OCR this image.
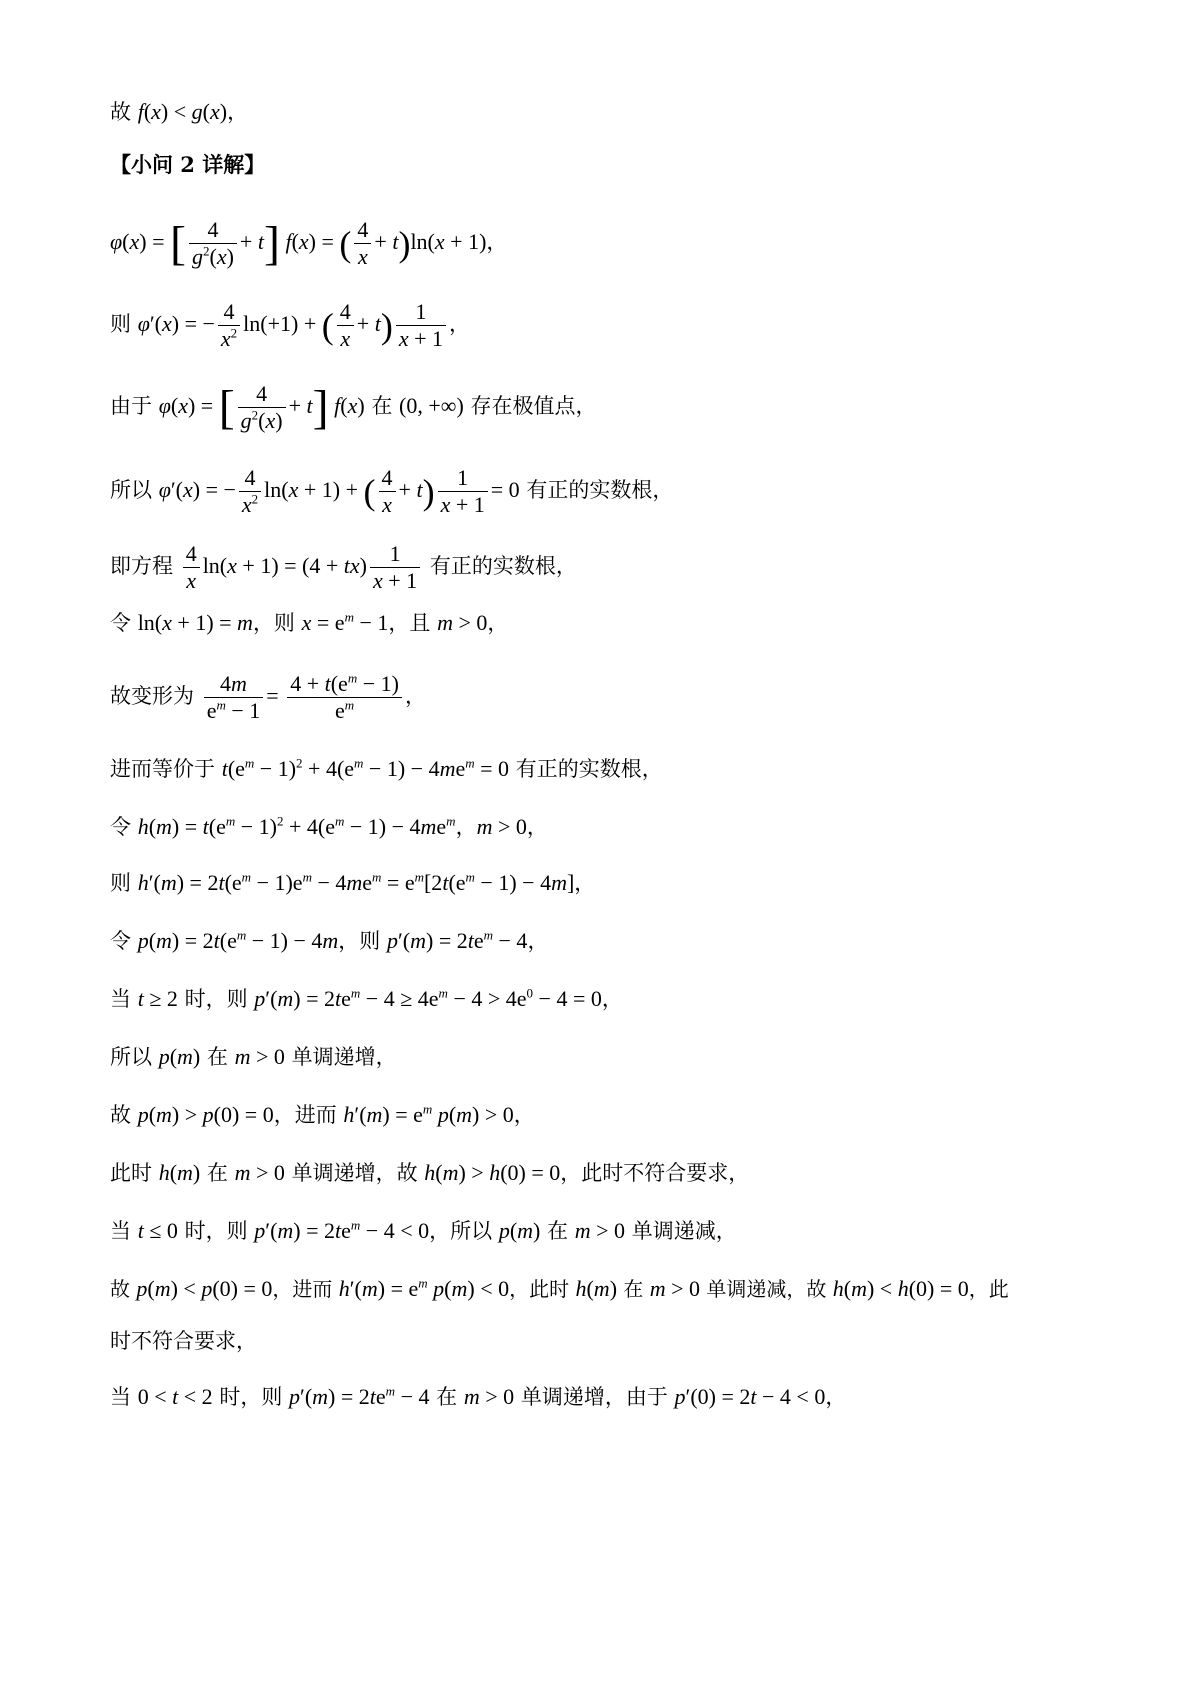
故 f(x) < g(x)，
【小问 2 详解】
φ(x) = [ $\frac{4}{g^2(x)} + t$] f(x) = ( $\frac{4}{x} + t)\ln(x + 1)$，
则 φ′(x) = − $\frac{4}{x^2} \ln(+1)$ + ( $\frac{4}{x} + t) \frac{1}{x + 1}$ ，
由于 φ(x) = [ $\frac{4}{g^2(x)} + t$] f(x) 在 (0, +∞) 存在极值点，
所以 φ′(x) = − $\frac{4}{x^2} \ln(x + 1)$ + ( $\frac{4}{x} + t) \frac{1}{x + 1} = 0$ 有正的实数根，
即方程 $\frac{4}{x} \ln(x + 1) = (4 + tx) \frac{1}{x + 1}$ 有正的实数根，
令 ln(x + 1) = m，则 $x = e^m - 1$，且 m > 0，
故变形为 $\frac{4m}{e^m - 1} = \frac{4 + t(e^m - 1)}{e^m}$ ，
进而等价于 $t(e^m - 1)^2 + 4(e^m - 1) - 4me^m = 0$ 有正的实数根，
令 $h(m) = t(e^m - 1)^2 + 4(e^m - 1) - 4me^m$，m > 0，
则 $h'(m) = 2t(e^m - 1)e^m - 4me^m = e^m[2t(e^m - 1) - 4m]$，
令 $p(m) = 2t(e^m - 1) - 4m$，则 $p'(m) = 2te^m - 4$，
当 t ≥ 2 时，则 $p'(m) = 2te^m - 4 \ge 4e^m - 4 > 4e^0 - 4 = 0$，
所以 p(m) 在 m > 0 单调递增，
故 p(m) > p(0) = 0，进而 $h'(m) = e^m$ p(m) > 0，
此时 h(m) 在 m > 0 单调递增，故 h(m) > h(0) = 0，此时不符合要求，
当 t ≤ 0 时，则 $p'(m) = 2te^m - 4 < 0$，所以 p(m) 在 m > 0 单调递减，
故 p(m) < p(0) = 0，进而 $h'(m) = e^m$ p(m) < 0，此时 h(m) 在 m > 0 单调递减，故 h(m) < h(0) = 0，此
时不符合要求，
当 0 < t < 2 时，则 $p'(m) = 2te^m - 4$ 在 m > 0 单调递增，由于 p′(0) = 2t − 4 < 0，
